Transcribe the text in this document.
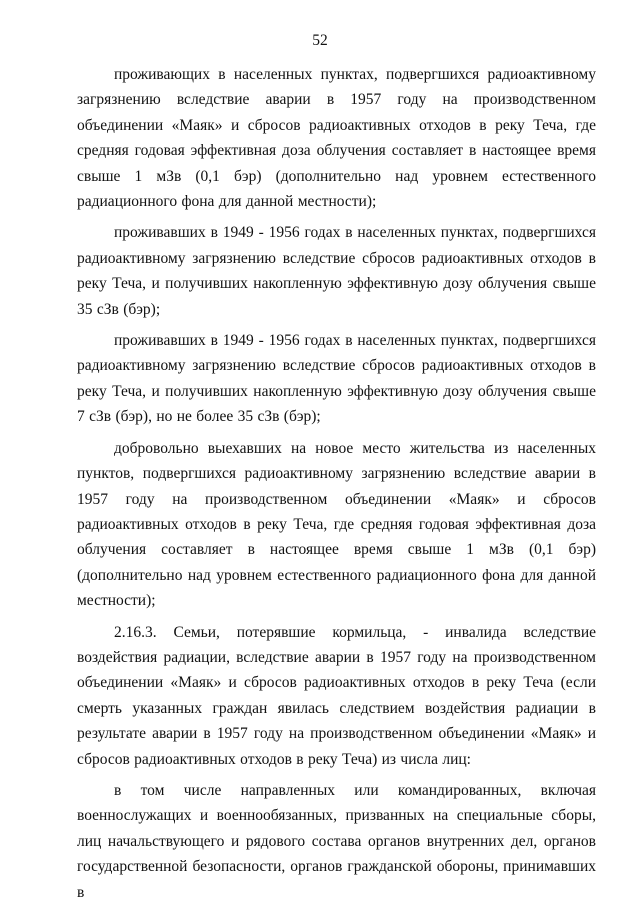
52

проживающих в населенных пунктах, подвергшихся радиоактивному загрязнению вследствие аварии в 1957 году на производственном объединении «Маяк» и сбросов радиоактивных отходов в реку Теча, где средняя годовая эффективная доза облучения составляет в настоящее время свыше 1 мЗв (0,1 бэр) (дополнительно над уровнем естественного радиационного фона для данной местности);

проживавших в 1949 - 1956 годах в населенных пунктах, подвергшихся радиоактивному загрязнению вследствие сбросов радиоактивных отходов в реку Теча, и получивших накопленную эффективную дозу облучения свыше 35 сЗв (бэр);

проживавших в 1949 - 1956 годах в населенных пунктах, подвергшихся радиоактивному загрязнению вследствие сбросов радиоактивных отходов в реку Теча, и получивших накопленную эффективную дозу облучения свыше 7 сЗв (бэр), но не более 35 сЗв (бэр);

добровольно выехавших на новое место жительства из населенных пунктов, подвергшихся радиоактивному загрязнению вследствие аварии в 1957 году на производственном объединении «Маяк» и сбросов радиоактивных отходов в реку Теча, где средняя годовая эффективная доза облучения составляет в настоящее время свыше 1 мЗв (0,1 бэр) (дополнительно над уровнем естественного радиационного фона для данной местности);

2.16.3. Семьи, потерявшие кормильца, - инвалида вследствие воздействия радиации, вследствие аварии в 1957 году на производственном объединении «Маяк» и сбросов радиоактивных отходов в реку Теча (если смерть указанных граждан явилась следствием воздействия радиации в результате аварии в 1957 году на производственном объединении «Маяк» и сбросов радиоактивных отходов в реку Теча) из числа лиц:

в том числе направленных или командированных, включая военнослужащих и военнообязанных, призванных на специальные сборы, лиц начальствующего и рядового состава органов внутренних дел, органов государственной безопасности, органов гражданской обороны, принимавших в
